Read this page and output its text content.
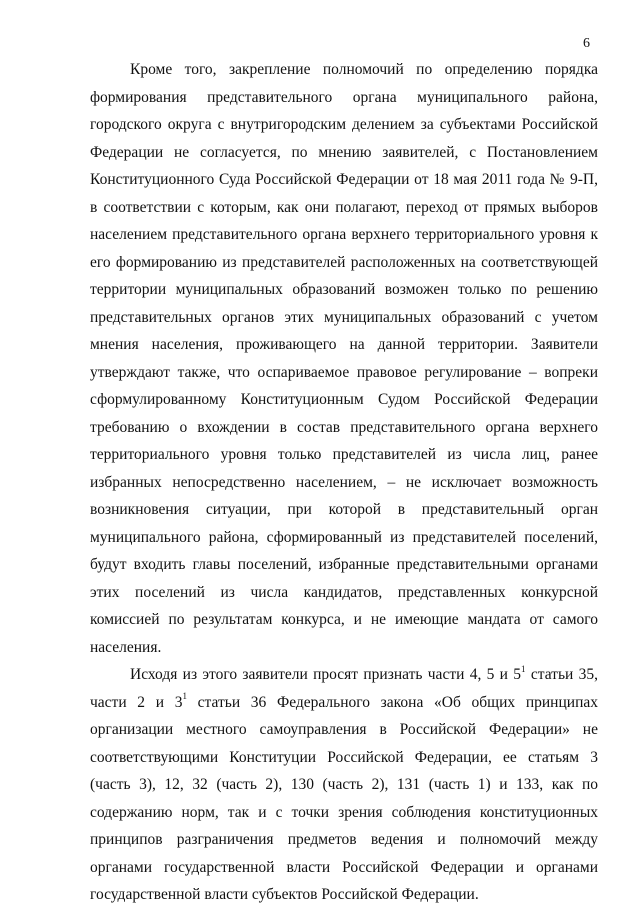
6

Кроме того, закрепление полномочий по определению порядка формирования представительного органа муниципального района, городского округа с внутригородским делением за субъектами Российской Федерации не согласуется, по мнению заявителей, с Постановлением Конституционного Суда Российской Федерации от 18 мая 2011 года № 9-П, в соответствии с которым, как они полагают, переход от прямых выборов населением представительного органа верхнего территориального уровня к его формированию из представителей расположенных на соответствующей территории муниципальных образований возможен только по решению представительных органов этих муниципальных образований с учетом мнения населения, проживающего на данной территории. Заявители утверждают также, что оспариваемое правовое регулирование – вопреки сформулированному Конституционным Судом Российской Федерации требованию о вхождении в состав представительного органа верхнего территориального уровня только представителей из числа лиц, ранее избранных непосредственно населением, – не исключает возможность возникновения ситуации, при которой в представительный орган муниципального района, сформированный из представителей поселений, будут входить главы поселений, избранные представительными органами этих поселений из числа кандидатов, представленных конкурсной комиссией по результатам конкурса, и не имеющие мандата от самого населения.

Исходя из этого заявители просят признать части 4, 5 и $5^1$ статьи 35, части 2 и $3^1$ статьи 36 Федерального закона «Об общих принципах организации местного самоуправления в Российской Федерации» не соответствующими Конституции Российской Федерации, ее статьям 3 (часть 3), 12, 32 (часть 2), 130 (часть 2), 131 (часть 1) и 133, как по содержанию норм, так и с точки зрения соблюдения конституционных принципов разграничения предметов ведения и полномочий между органами государственной власти Российской Федерации и органами государственной власти субъектов Российской Федерации.
